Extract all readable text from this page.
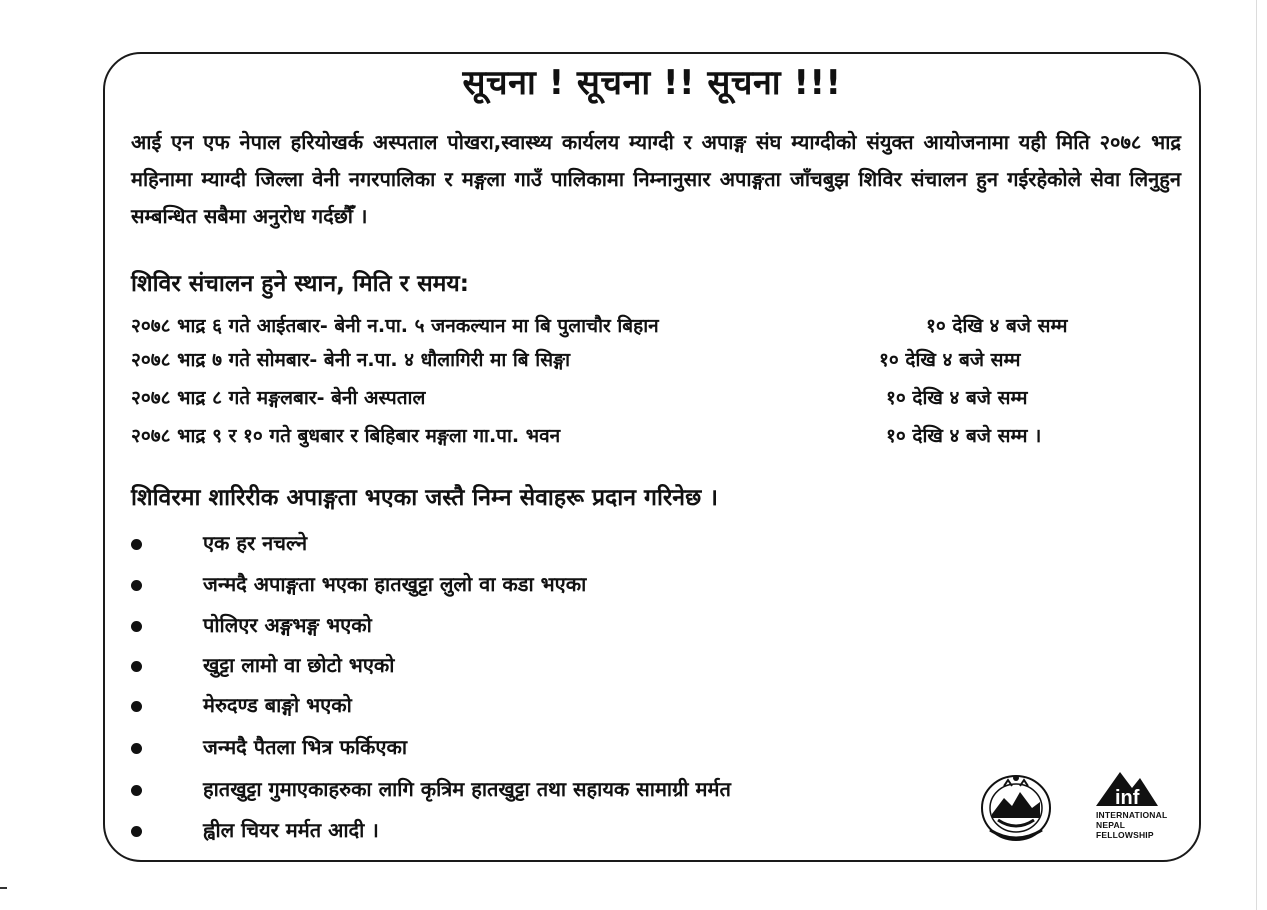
सूचना ! सूचना !! सूचना !!!
आई एन एफ नेपाल हरियोखर्क अस्पताल पोखरा,स्वास्थ्य कार्यलय म्याग्दी र अपाङ्ग संघ म्याग्दीको संयुक्त आयोजनामा यही मिति २०७८ भाद्र महिनामा म्याग्दी जिल्ला वेनी नगरपालिका र मङ्गला गाउँ पालिकामा निम्नानुसार अपाङ्गता जाँचबुझ शिविर संचालन हुन गईरहेकोले सेवा लिनुहुन सम्बन्धित सबैमा अनुरोध गर्दछौँ ।
शिविर संचालन हुने स्थान, मिति र समय:
२०७८ भाद्र ६ गते आईतबार- बेनी न.पा. ५ जनकल्यान मा बि पुलाचौर बिहान	१० देखि ४ बजे सम्म
२०७८ भाद्र ७ गते सोमबार- बेनी न.पा. ४ धौलागिरी मा बि सिङ्गा	१० देखि ४ बजे सम्म
२०७८ भाद्र ८ गते मङ्गलबार- बेनी अस्पताल	१० देखि ४ बजे सम्म
२०७८ भाद्र ९ र १० गते बुधबार र बिहिबार मङ्गला गा.पा. भवन	१० देखि ४ बजे सम्म ।
शिविरमा शारिरीक अपाङ्गता भएका जस्तै निम्न सेवाहरू प्रदान गरिनेछ ।
एक हर नचल्ने
जन्मदै अपाङ्गता भएका हातखुट्टा लुलो वा कडा भएका
पोलिएर अङ्गभङ्ग भएको
खुट्टा लामो वा छोटो भएको
मेरुदण्ड बाङ्गो भएको
जन्मदै पैतला भित्र फर्किएका
हातखुट्टा गुमाएकाहरुका लागि कृत्रिम हातखुट्टा तथा सहायक सामाग्री मर्मत
ह्वील चियर मर्मत आदी ।
inf
INTERNATIONAL
NEPAL
FELLOWSHIP
